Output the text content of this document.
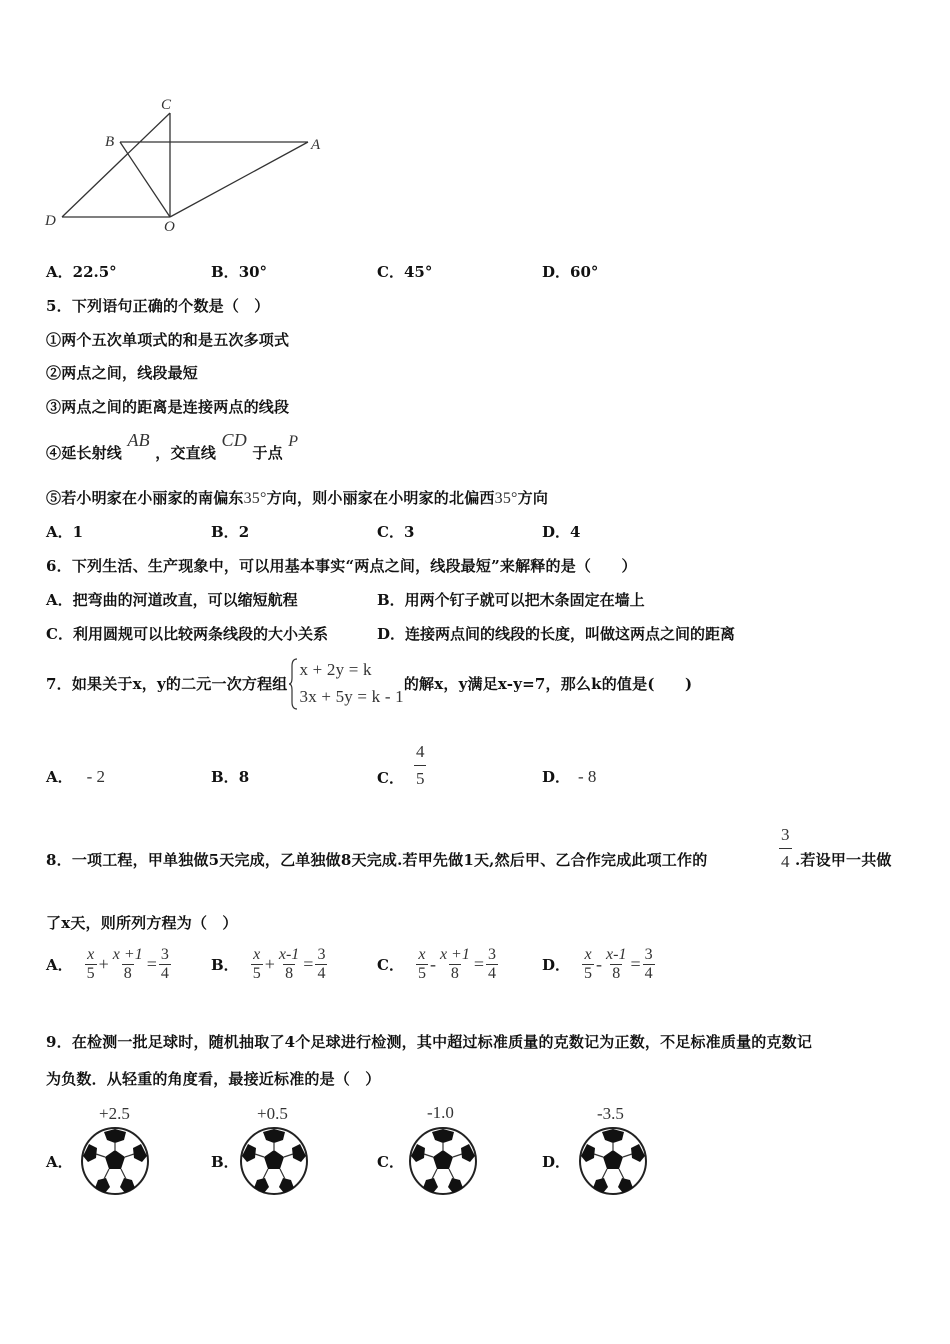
C
B	A
D	O
A．22.5°	B．30°	C．45°	D．60°
5．下列语句正确的个数是（　）
①两个五次单项式的和是五次多项式
②两点之间，线段最短
③两点之间的距离是连接两点的线段
④延长射线 AB ，交直线 CD 于点 P
⑤若小明家在小丽家的南偏东35°方向，则小丽家在小明家的北偏西35°方向
A．1	B．2	C．3	D．4
6．下列生活、生产现象中，可以用基本事实“两点之间，线段最短”来解释的是（　　）
A．把弯曲的河道改直，可以缩短航程	B．用两个钉子就可以把木条固定在墙上
C．利用圆规可以比较两条线段的大小关系	D．连接两点间的线段的长度，叫做这两点之间的距离
7．如果关于x，y的二元一次方程组
x + 2y = k
3x + 5y = k - 1
的解x，y满足x-y=7，那么k的值是(　　)
A． - 2	B．8	C． $\frac{4}{5}$	D． - 8
8．一项工程，甲单独做5天完成，乙单独做8天完成.若甲先做1天,然后甲、乙合作完成此项工作的	$\frac{3}{4}$ .若设甲一共做
了x天，则所列方程为（　）
A． $\frac{x}{5} + \frac{x +1}{8} = \frac{3}{4}$	B． $\frac{x}{5} + \frac{x-1}{8} = \frac{3}{4}$	C． $\frac{x}{5} - \frac{x +1}{8} = \frac{3}{4}$	D． $\frac{x}{5} - \frac{x-1}{8} = \frac{3}{4}$
9．在检测一批足球时，随机抽取了4个足球进行检测，其中超过标准质量的克数记为正数，不足标准质量的克数记
为负数．从轻重的角度看，最接近标准的是（　）
A．
+2.5
B．
+0.5
C．
-1.0
D．
-3.5
